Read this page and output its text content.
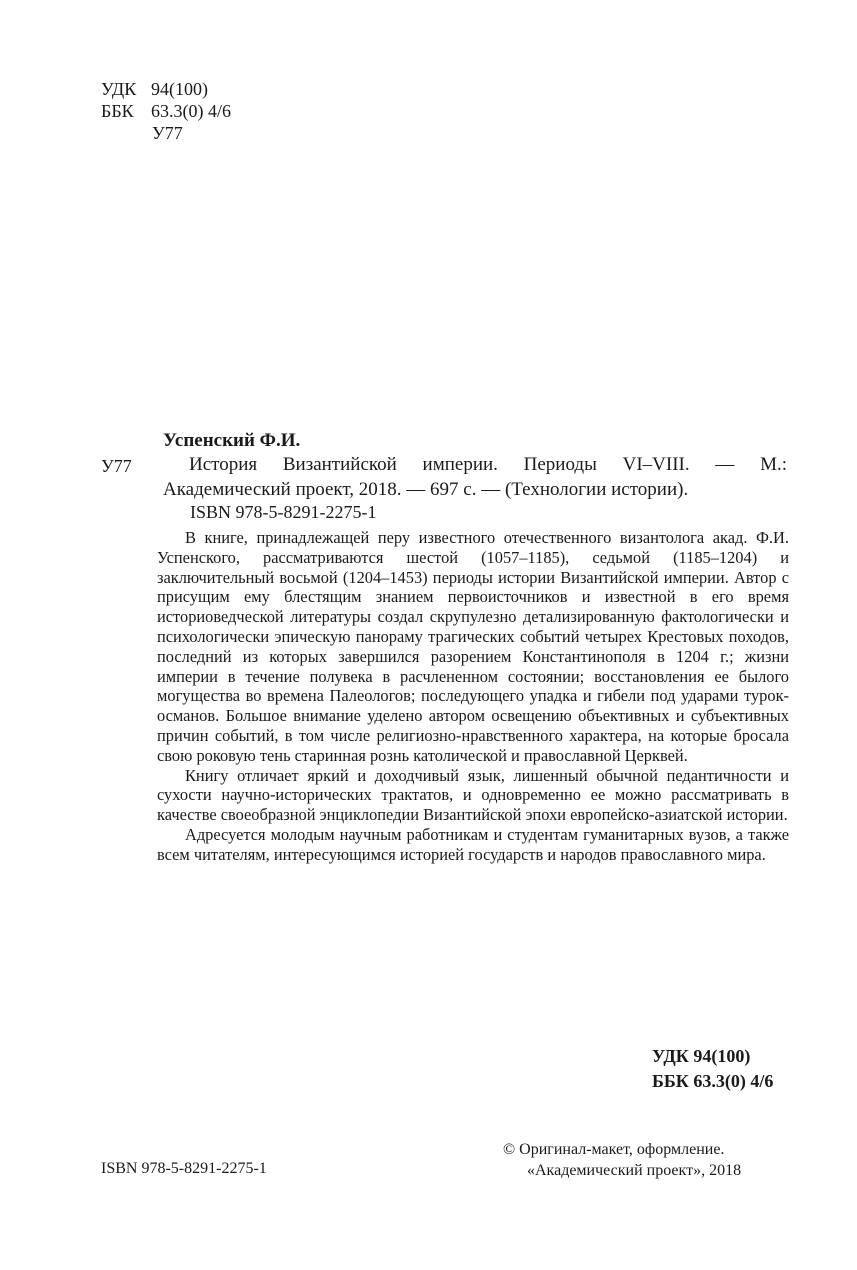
УДК 94(100)
ББК 63.3(0) 4/6
У77
Успенский Ф.И.
У77	История Византийской империи. Периоды VI–VIII. — М.: Академический проект, 2018. — 697 с. — (Технологии истории).
ISBN 978-5-8291-2275-1

В книге, принадлежащей перу известного отечественного византолога акад. Ф.И. Успенского, рассматриваются шестой (1057–1185), седьмой (1185–1204) и заключительный восьмой (1204–1453) периоды истории Византийской империи. Автор с присущим ему блестящим знанием первоисточников и известной в его время историоведческой литературы создал скрупулезно детализированную фактологически и психологически эпическую панораму трагических событий четырех Крестовых походов, последний из которых завершился разорением Константинополя в 1204 г.; жизни империи в течение полувека в расчлененном состоянии; восстановления ее былого могущества во времена Палеологов; последующего упадка и гибели под ударами турок-османов. Большое внимание уделено автором освещению объективных и субъективных причин событий, в том числе религиозно-нравственного характера, на которые бросала свою роковую тень старинная рознь католической и православной Церквей.

Книгу отличает яркий и доходчивый язык, лишенный обычной педантичности и сухости научно-исторических трактатов, и одновременно ее можно рассматривать в качестве своеобразной энциклопедии Византийской эпохи европейско-азиатской истории.

Адресуется молодым научным работникам и студентам гуманитарных вузов, а также всем читателям, интересующимся историей государств и народов православного мира.

УДК 94(100)
ББК 63.3(0) 4/6
ISBN 978-5-8291-2275-1
© Оригинал-макет, оформление.
«Академический проект», 2018
